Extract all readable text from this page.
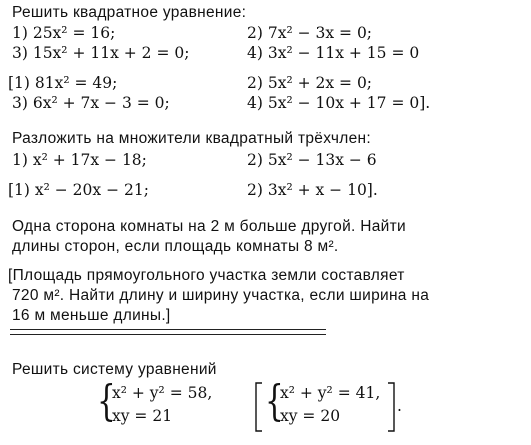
Решить квадратное уравнение:
1) 25x² = 16;	2) 7x² − 3x = 0;
3) 15x² + 11x + 2 = 0;	4) 3x² − 11x + 15 = 0
[1) 81x² = 49;	2) 5x² + 2x = 0;
3) 6x² + 7x − 3 = 0;	4) 5x² − 10x + 17 = 0].
Разложить на множители квадратный трёхчлен:
1) x² + 17x − 18;	2) 5x² − 13x − 6
[1) x² − 20x − 21;	2) 3x² + x − 10].
Одна сторона комнаты на 2 м больше другой. Найти
длины сторон, если площадь комнаты 8 м².
[Площадь прямоугольного участка земли составляет
720 м². Найти длину и ширину участка, если ширина на
16 м меньше длины.]
Решить систему уравнений
{
x² + y² = 58,
xy = 21 {
x² + y² = 41,
xy = 20
.
